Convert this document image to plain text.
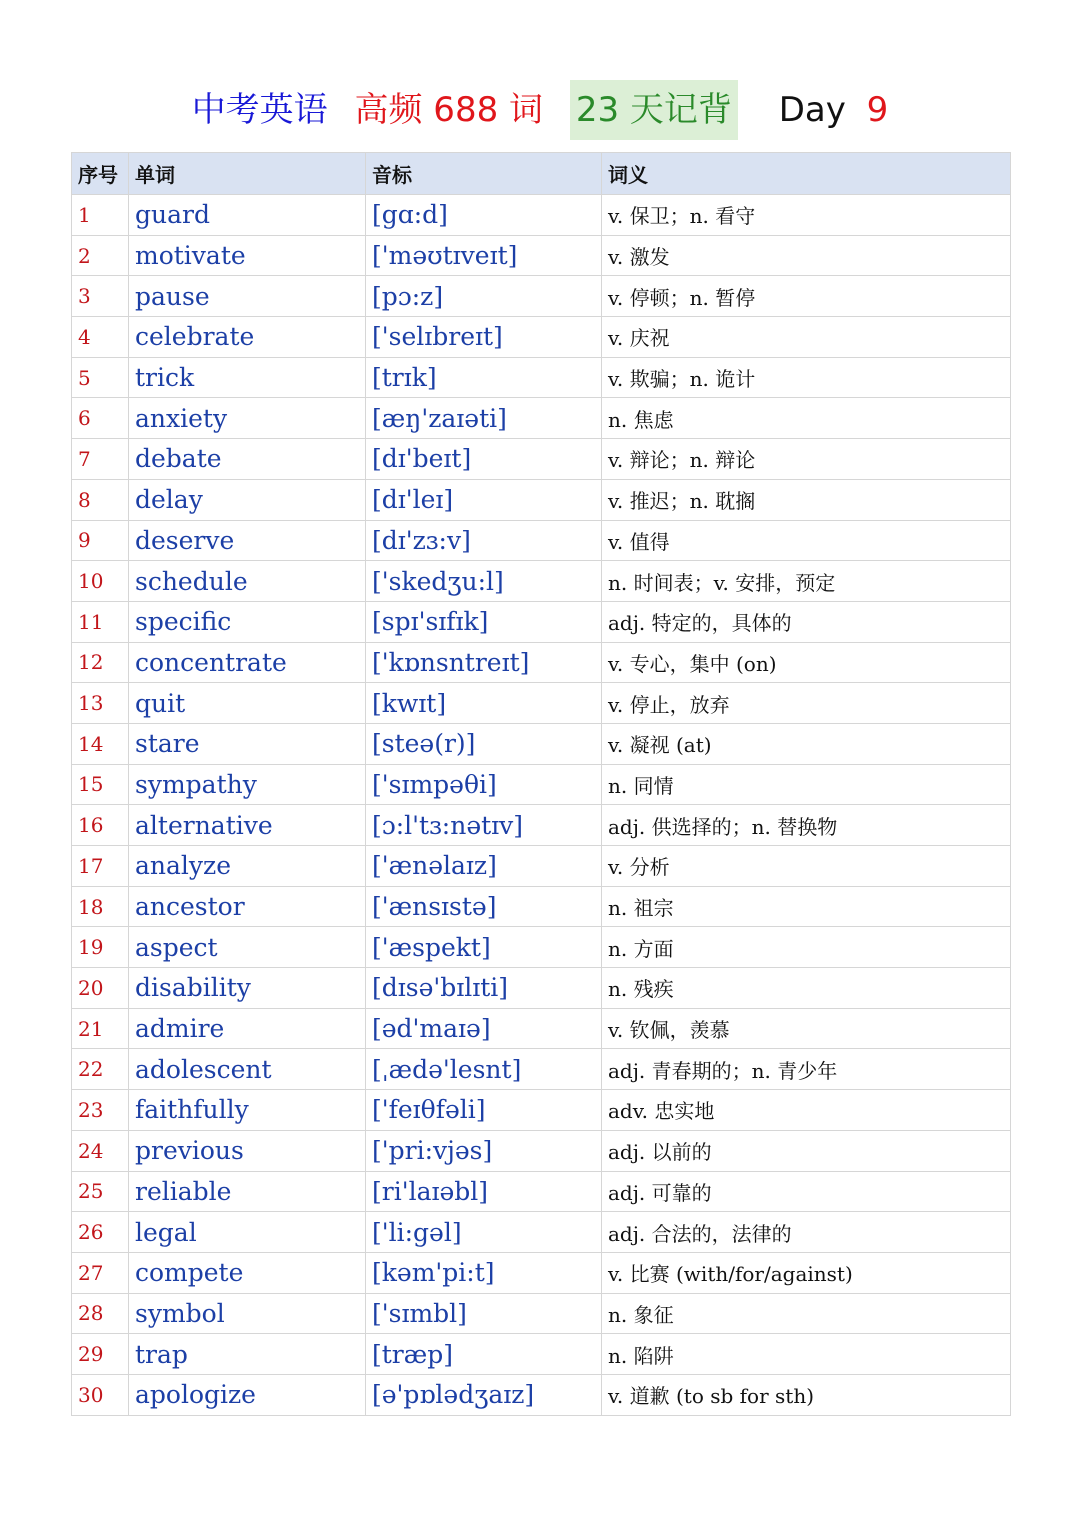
中考英语 高频 688 词 23 天记背 Day 9
序号	单词	音标	词义
1	guard	[gɑ:d]	v. 保卫；n. 看守
2	motivate	['məʊtɪveɪt]	v. 激发
3	pause	[pɔ:z]	v. 停顿；n. 暂停
4	celebrate	['selɪbreɪt]	v. 庆祝
5	trick	[trɪk]	v. 欺骗；n. 诡计
6	anxiety	[æŋ'zaɪəti]	n. 焦虑
7	debate	[dɪ'beɪt]	v. 辩论；n. 辩论
8	delay	[dɪ'leɪ]	v. 推迟；n. 耽搁
9	deserve	[dɪ'zɜ:v]	v. 值得
10	schedule	['skedʒu:l]	n. 时间表；v. 安排，预定
11	specific	[spɪ'sɪfɪk]	adj. 特定的，具体的
12	concentrate	['kɒnsntreɪt]	v. 专心，集中 (on)
13	quit	[kwɪt]	v. 停止，放弃
14	stare	[steə(r)]	v. 凝视 (at)
15	sympathy	['sɪmpəθi]	n. 同情
16	alternative	[ɔ:l'tɜ:nətɪv]	adj. 供选择的；n. 替换物
17	analyze	['ænəlaɪz]	v. 分析
18	ancestor	['ænsɪstə]	n. 祖宗
19	aspect	['æspekt]	n. 方面
20	disability	[dɪsə'bɪlɪti]	n. 残疾
21	admire	[əd'maɪə]	v. 钦佩，羡慕
22	adolescent	[ˌædə'lesnt]	adj. 青春期的；n. 青少年
23	faithfully	['feɪθfəli]	adv. 忠实地
24	previous	['pri:vjəs]	adj. 以前的
25	reliable	[ri'laɪəbl]	adj. 可靠的
26	legal	['li:gəl]	adj. 合法的，法律的
27	compete	[kəm'pi:t]	v. 比赛 (with/for/against)
28	symbol	['sɪmbl]	n. 象征
29	trap	[træp]	n. 陷阱
30	apologize	[ə'pɒlədʒaɪz]	v. 道歉 (to sb for sth)
